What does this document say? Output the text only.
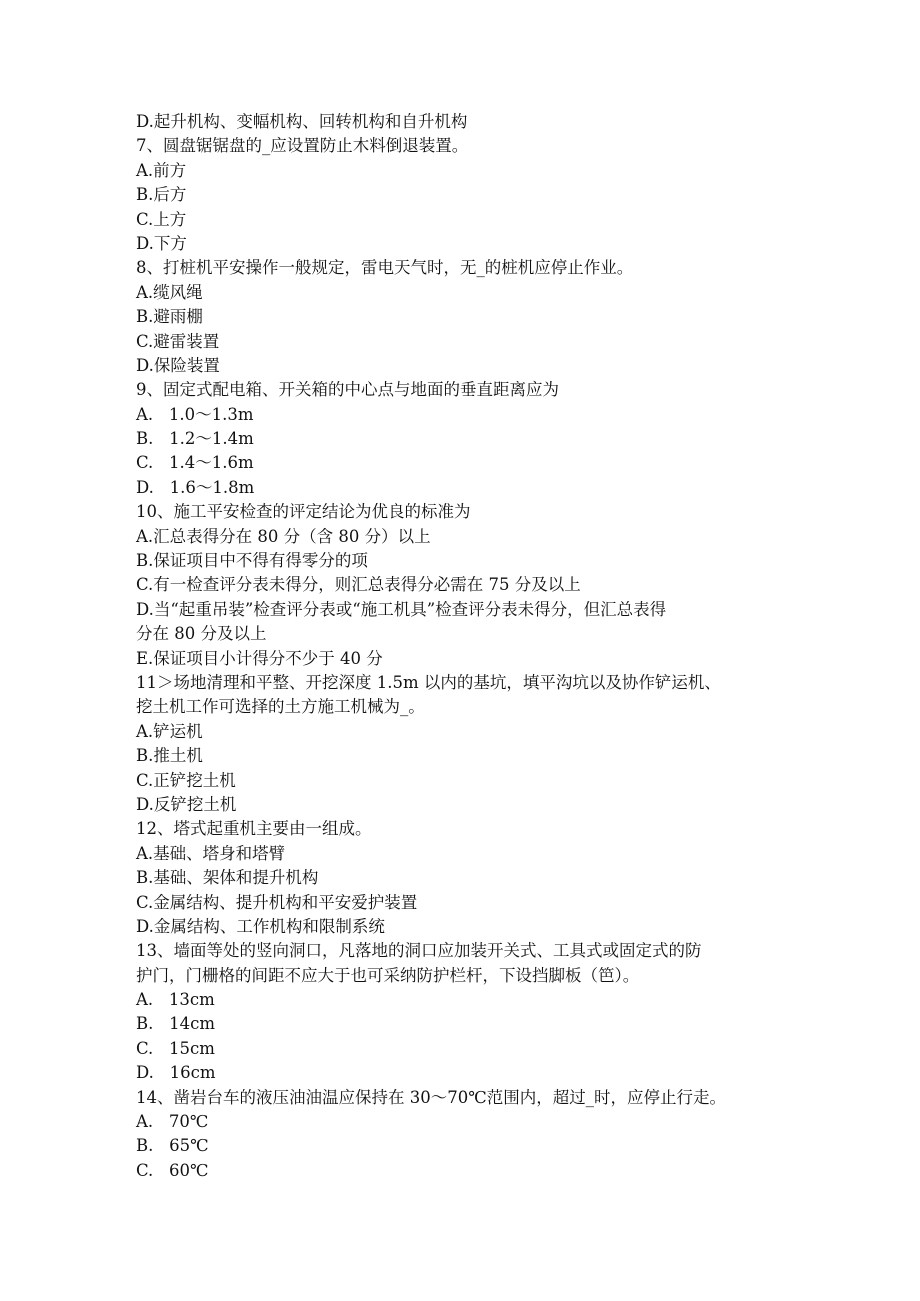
D.起升机构、变幅机构、回转机构和自升机构
7、圆盘锯锯盘的_应设置防止木料倒退装置。
A.前方
B.后方
C.上方
D.下方
8、打桩机平安操作一般规定，雷电天气时，无_的桩机应停止作业。
A.缆风绳
B.避雨棚
C.避雷装置
D.保险装置
9、固定式配电箱、开关箱的中心点与地面的垂直距离应为
A.   1.0～1.3m
B.   1.2～1.4m
C.   1.4～1.6m
D.   1.6～1.8m
10、施工平安检查的评定结论为优良的标准为
A.汇总表得分在 80 分（含 80 分）以上
B.保证项目中不得有得零分的项
C.有一检查评分表未得分，则汇总表得分必需在 75 分及以上
D.当“起重吊装”检查评分表或“施工机具”检查评分表未得分，但汇总表得
分在 80 分及以上
E.保证项目小计得分不少于 40 分
11＞场地清理和平整、开挖深度 1.5m 以内的基坑，填平沟坑以及协作铲运机、
挖土机工作可选择的土方施工机械为_。
A.铲运机
B.推土机
C.正铲挖土机
D.反铲挖土机
12、塔式起重机主要由一组成。
A.基础、塔身和塔臂
B.基础、架体和提升机构
C.金属结构、提升机构和平安爱护装置
D.金属结构、工作机构和限制系统
13、墙面等处的竖向洞口，凡落地的洞口应加装开关式、工具式或固定式的防
护门，门栅格的间距不应大于也可采纳防护栏杆，下设挡脚板（笆）。
A.   13cm
B.   14cm
C.   15cm
D.   16cm
14、凿岩台车的液压油油温应保持在 30～70℃范围内，超过_时，应停止行走。
A.   70℃
B.   65℃
C.   60℃
